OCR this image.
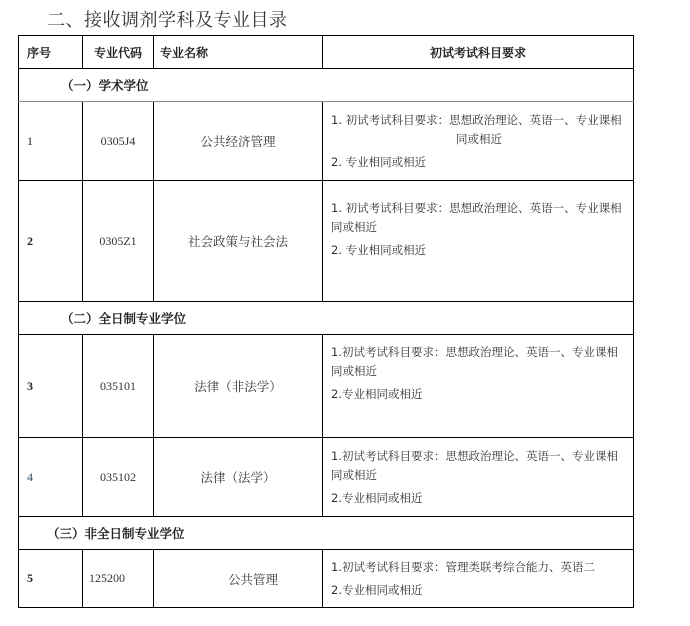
二、接收调剂学科及专业目录
序号	专业代码	专业名称	初试考试科目要求
（一）学术学位			
1	0305J4	公共经济管理	1. 初试考试科目要求：思想政治理论、英语一、专业课相
同或相近
2. 专业相同或相近

2	0305Z1	社会政策与社会法	1. 初试考试科目要求：思想政治理论、英语一、专业课相
同或相近
2. 专业相同或相近

（二）全日制专业学位			
3	035101	法律（非法学）	1.初试考试科目要求：思想政治理论、英语一、专业课相
同或相近
2.专业相同或相近

4	035102	法律（法学）	1.初试考试科目要求：思想政治理论、英语一、专业课相
同或相近
2.专业相同或相近

（三）非全日制专业学位			
5	125200	公共管理	1.初试考试科目要求：管理类联考综合能力、英语二
2.专业相同或相近
